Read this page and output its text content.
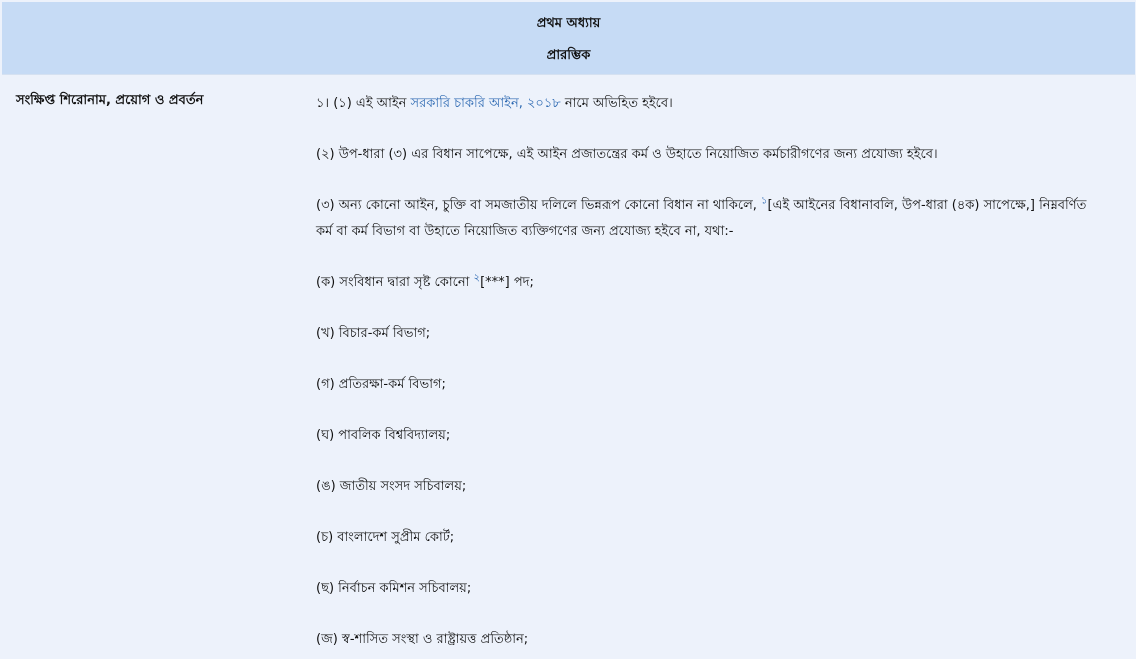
প্রথম অধ্যায়
প্রারম্ভিক
সংক্ষিপ্ত শিরোনাম, প্রয়োগ ও প্রবর্তন	১। (১) এই আইন সরকারি চাকরি আইন, ২০১৮ নামে অভিহিত হইবে।

(২) উপ-ধারা (৩) এর বিধান সাপেক্ষে, এই আইন প্রজাতন্ত্রের কর্ম ও উহাতে নিয়োজিত কর্মচারীগণের জন্য প্রযোজ্য হইবে।

(৩) অন্য কোনো আইন, চুক্তি বা সমজাতীয় দলিলে ভিন্নরূপ কোনো বিধান না থাকিলে, $^১$[এই আইনের বিধানাবলি, উপ-ধারা (৪ক) সাপেক্ষে,] নিম্নবর্ণিত কর্ম বা কর্ম বিভাগ বা উহাতে নিয়োজিত ব্যক্তিগণের জন্য প্রযোজ্য হইবে না, যথা:-

(ক) সংবিধান দ্বারা সৃষ্ট কোনো $^২$[***] পদ;

(খ) বিচার-কর্ম বিভাগ;

(গ) প্রতিরক্ষা-কর্ম বিভাগ;

(ঘ) পাবলিক বিশ্ববিদ্যালয়;

(ঙ) জাতীয় সংসদ সচিবালয়;

(চ) বাংলাদেশ সুপ্রীম কোর্ট;

(ছ) নির্বাচন কমিশন সচিবালয়;

(জ) স্ব-শাসিত সংস্থা ও রাষ্ট্রায়ত্ত প্রতিষ্ঠান;
